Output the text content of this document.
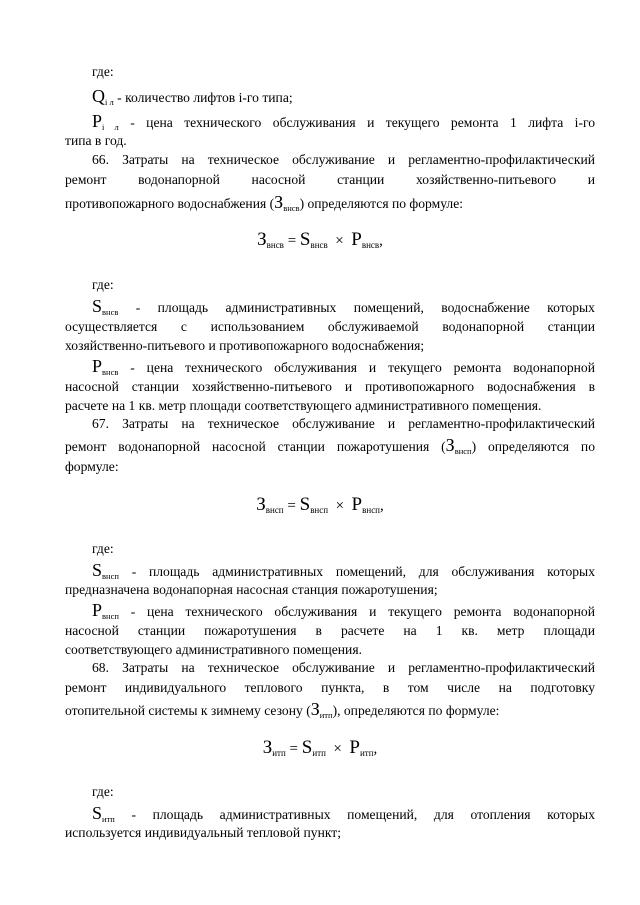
где:

$Q_{i л}$ - количество лифтов i-го типа;

$P_{i л}$ - цена технического обслуживания и текущего ремонта 1 лифта i-го

типа в год.

66. Затраты на техническое обслуживание и регламентно-профилактический

ремонт водонапорной насосной станции хозяйственно-питьевого и

противопожарного водоснабжения $(З_{внсв})$ определяются по формуле:

$З_{внсв} = S_{внсв} \times P_{внсв}$,

где:

$S_{внсв}$ - площадь административных помещений, водоснабжение которых

осуществляется с использованием обслуживаемой водонапорной станции

хозяйственно-питьевого и противопожарного водоснабжения;

$P_{внсв}$ - цена технического обслуживания и текущего ремонта водонапорной

насосной станции хозяйственно-питьевого и противопожарного водоснабжения в

расчете на 1 кв. метр площади соответствующего административного помещения.

67. Затраты на техническое обслуживание и регламентно-профилактический

ремонт водонапорной насосной станции пожаротушения $(З_{внсп})$ определяются по

формуле:

$З_{внсп} = S_{внсп} \times P_{внсп}$,

где:

$S_{внсп}$ - площадь административных помещений, для обслуживания которых

предназначена водонапорная насосная станция пожаротушения;

$P_{внсп}$ - цена технического обслуживания и текущего ремонта водонапорной

насосной станции пожаротушения в расчете на 1 кв. метр площади

соответствующего административного помещения.

68. Затраты на техническое обслуживание и регламентно-профилактический

ремонт индивидуального теплового пункта, в том числе на подготовку

отопительной системы к зимнему сезону $(З_{итп})$, определяются по формуле:

$З_{итп} = S_{итп} \times P_{итп}$,

где:

$S_{итп}$ - площадь административных помещений, для отопления которых

используется индивидуальный тепловой пункт;
